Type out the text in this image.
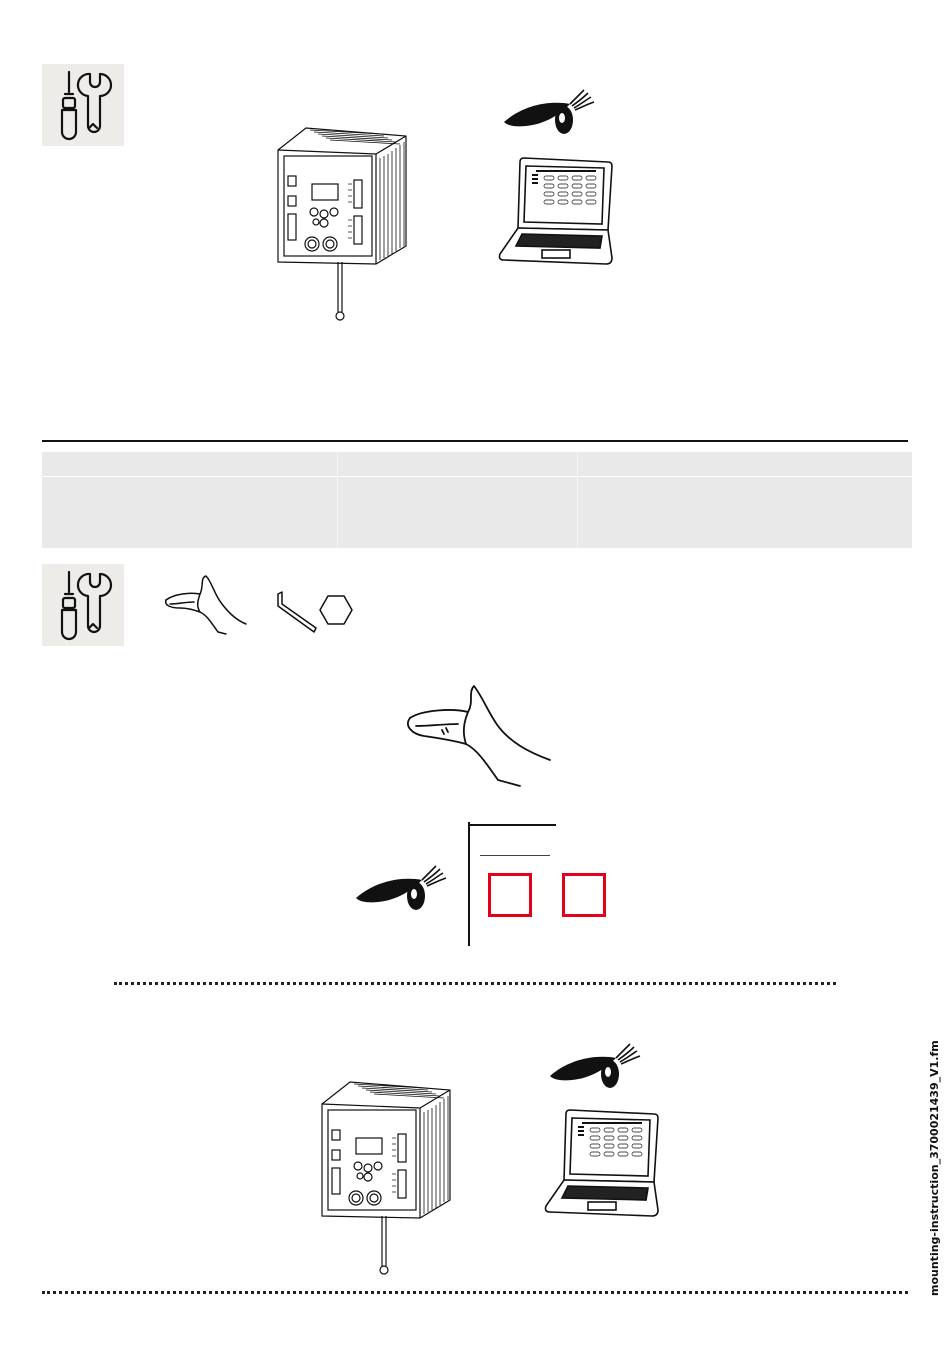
mounting-instruction_3700021439_V1.fm
